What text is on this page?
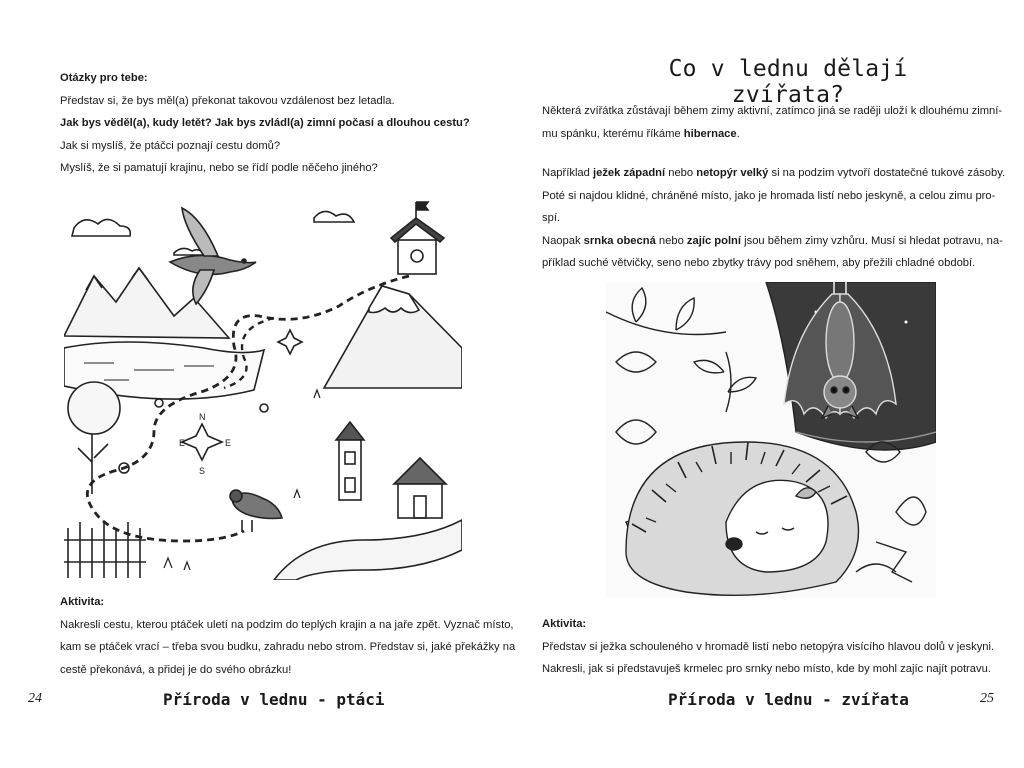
Otázky pro tebe:

Představ si, že bys měl(a) překonat takovou vzdálenost bez letadla.

Jak bys věděl(a), kudy letět? Jak bys zvládl(a) zimní počasí a dlouhou cestu?

Jak si myslíš, že ptáčci poznají cestu domů?

Myslíš, že si pamatují krajinu, nebo se řídí podle něčeho jiného?

E	E
N
S

Aktivita:

Nakresli cestu, kterou ptáček uletí na podzim do teplých krajin a na jaře zpět. Vyznač místo,

kam se ptáček vrací – třeba svou budku, zahradu nebo strom. Představ si, jaké překážky na

cestě překonává, a přidej je do svého obrázku!

24	Příroda v lednu - ptáci
Co v lednu dělají zvířata?

Některá zvířátka zůstávají během zimy aktivní, zatímco jiná se raději uloží k dlouhému zimní-

mu spánku, kterému říkáme hibernace.

Například ježek západní nebo netopýr velký si na podzim vytvoří dostatečné tukové zásoby.

Poté si najdou klidné, chráněné místo, jako je hromada listí nebo jeskyně, a celou zimu pro-

spí.

Naopak srnka obecná nebo zajíc polní jsou během zimy vzhůru. Musí si hledat potravu, na-

příklad suché větvičky, seno nebo zbytky trávy pod sněhem, aby přežili chladné období.

Aktivita:

Představ si ježka schouleného v hromadě listí nebo netopýra visícího hlavou dolů v jeskyni.

Nakresli, jak si představuješ krmelec pro srnky nebo místo, kde by mohl zajíc najít potravu.

Příroda v lednu - zvířata	25
